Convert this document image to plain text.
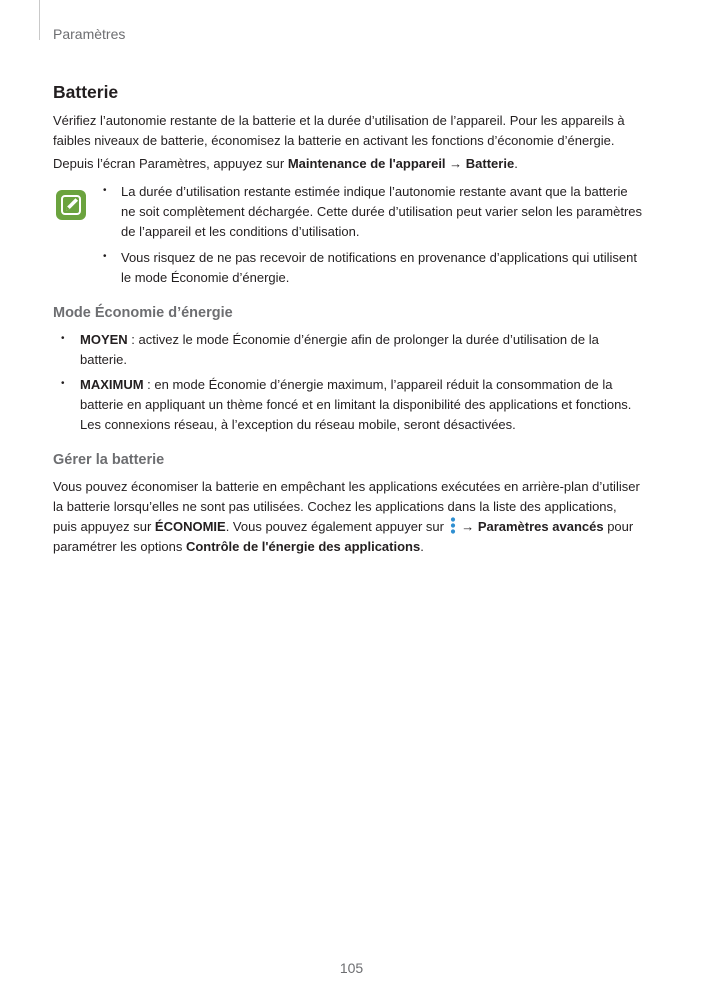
Paramètres
Batterie

Vérifiez l’autonomie restante de la batterie et la durée d’utilisation de l’appareil. Pour les appareils à faibles niveaux de batterie, économisez la batterie en activant les fonctions d’économie d’énergie.

Depuis l’écran Paramètres, appuyez sur Maintenance de l'appareil → Batterie.

• La durée d’utilisation restante estimée indique l’autonomie restante avant que la batterie ne soit complètement déchargée. Cette durée d’utilisation peut varier selon les paramètres de l’appareil et les conditions d’utilisation.
• Vous risquez de ne pas recevoir de notifications en provenance d’applications qui utilisent le mode Économie d’énergie.
Mode Économie d’énergie
• MOYEN : activez le mode Économie d’énergie afin de prolonger la durée d’utilisation de la batterie.
• MAXIMUM : en mode Économie d’énergie maximum, l’appareil réduit la consommation de la batterie en appliquant un thème foncé et en limitant la disponibilité des applications et fonctions. Les connexions réseau, à l’exception du réseau mobile, seront désactivées.
Gérer la batterie

Vous pouvez économiser la batterie en empêchant les applications exécutées en arrière-plan d’utiliser la batterie lorsqu’elles ne sont pas utilisées. Cochez les applications dans la liste des applications, puis appuyez sur ÉCONOMIE. Vous pouvez également appuyer sur  → Paramètres avancés pour paramétrer les options Contrôle de l'énergie des applications.

105
